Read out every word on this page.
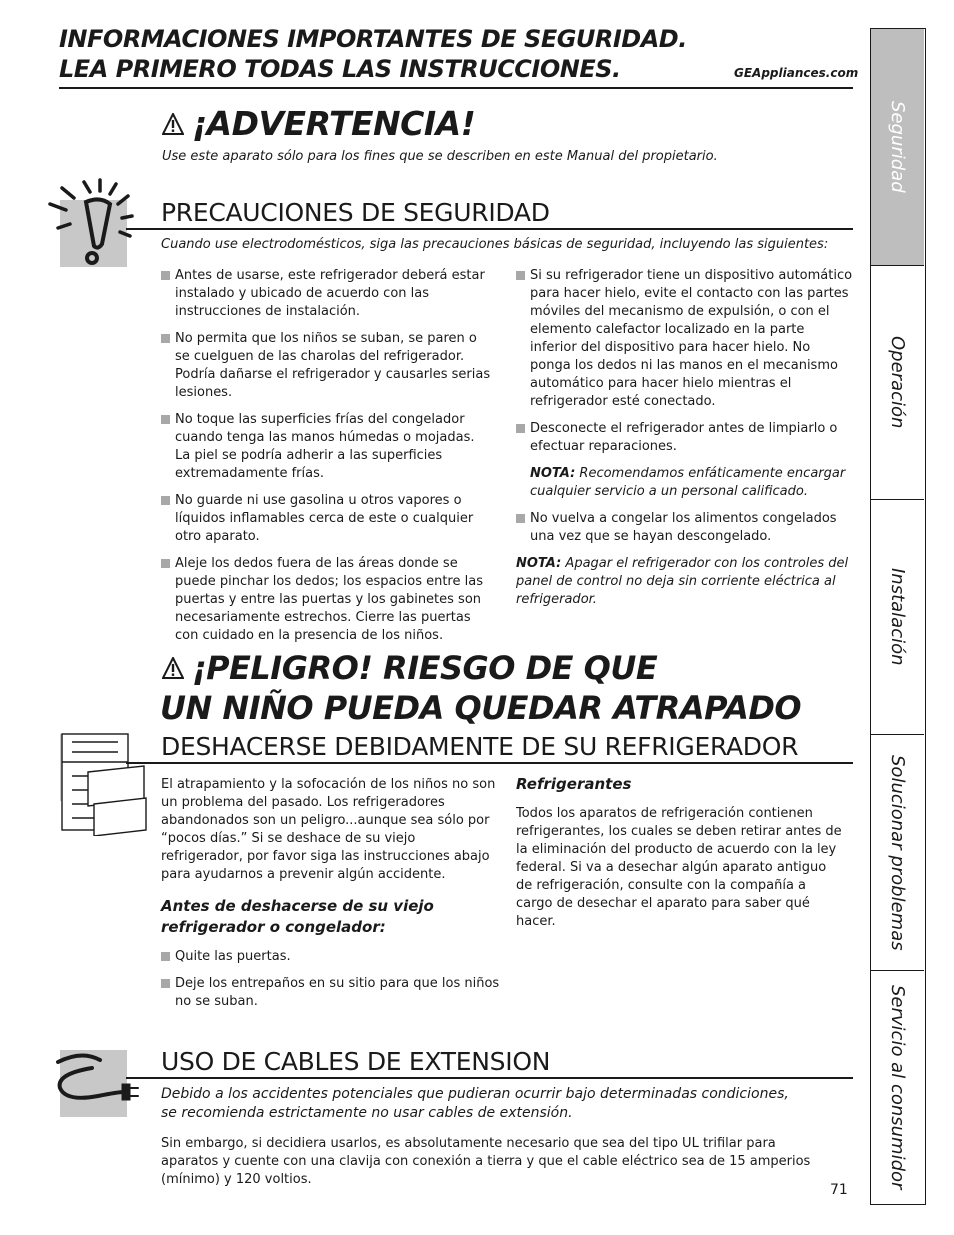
INFORMACIONES IMPORTANTES DE SEGURIDAD.
LEA PRIMERO TODAS LAS INSTRUCCIONES.	GEAppliances.com
¡ADVERTENCIA!
Use este aparato sólo para los fines que se describen en este Manual del propietario.
PRECAUCIONES DE SEGURIDAD
Cuando use electrodomésticos, siga las precauciones básicas de seguridad, incluyendo las siguientes:
Antes de usarse, este refrigerador deberá estar instalado y ubicado de acuerdo con las instrucciones de instalación.
No permita que los niños se suban, se paren o se cuelguen de las charolas del refrigerador. Podría dañarse el refrigerador y causarles serias lesiones.
No toque las superficies frías del congelador cuando tenga las manos húmedas o mojadas. La piel se podría adherir a las superficies extremadamente frías.
No guarde ni use gasolina u otros vapores o líquidos inflamables cerca de este o cualquier otro aparato.
Aleje los dedos fuera de las áreas donde se puede pinchar los dedos; los espacios entre las puertas y entre las puertas y los gabinetes son necesariamente estrechos. Cierre las puertas con cuidado en la presencia de los niños.
Si su refrigerador tiene un dispositivo automático para hacer hielo, evite el contacto con las partes móviles del mecanismo de expulsión, o con el elemento calefactor localizado en la parte inferior del dispositivo para hacer hielo. No ponga los dedos ni las manos en el mecanismo automático para hacer hielo mientras el refrigerador esté conectado.
Desconecte el refrigerador antes de limpiarlo o efectuar reparaciones.
NOTA: Recomendamos enfáticamente encargar cualquier servicio a un personal calificado.
No vuelva a congelar los alimentos congelados una vez que se hayan descongelado.
NOTA: Apagar el refrigerador con los controles del panel de control no deja sin corriente eléctrica al refrigerador.
¡PELIGRO! RIESGO DE QUE
UN NIÑO PUEDA QUEDAR ATRAPADO
DESHACERSE DEBIDAMENTE DE SU REFRIGERADOR

El atrapamiento y la sofocación de los niños no son un problema del pasado. Los refrigeradores abandonados son un peligro...aunque sea sólo por “pocos días.” Si se deshace de su viejo refrigerador, por favor siga las instrucciones abajo para ayudarnos a prevenir algún accidente.

Antes de deshacerse de su viejo refrigerador o congelador:
Quite las puertas.
Deje los entrepaños en su sitio para que los niños no se suban.
Refrigerantes

Todos los aparatos de refrigeración contienen refrigerantes, los cuales se deben retirar antes de la eliminación del producto de acuerdo con la ley federal. Si va a desechar algún aparato antiguo de refrigeración, consulte con la compañía a cargo de desechar el aparato para saber qué hacer.

USO DE CABLES DE EXTENSION
Debido a los accidentes potenciales que pudieran ocurrir bajo determinadas condiciones,
se recomienda estrictamente no usar cables de extensión.
Sin embargo, si decidiera usarlos, es absolutamente necesario que sea del tipo UL trifilar para aparatos y cuente con una clavija con conexión a tierra y que el cable eléctrico sea de 15 amperios (mínimo) y 120 voltios.
71
Seguridad
Operación
Instalación
Solucionar problemas
Servicio al consumidor
